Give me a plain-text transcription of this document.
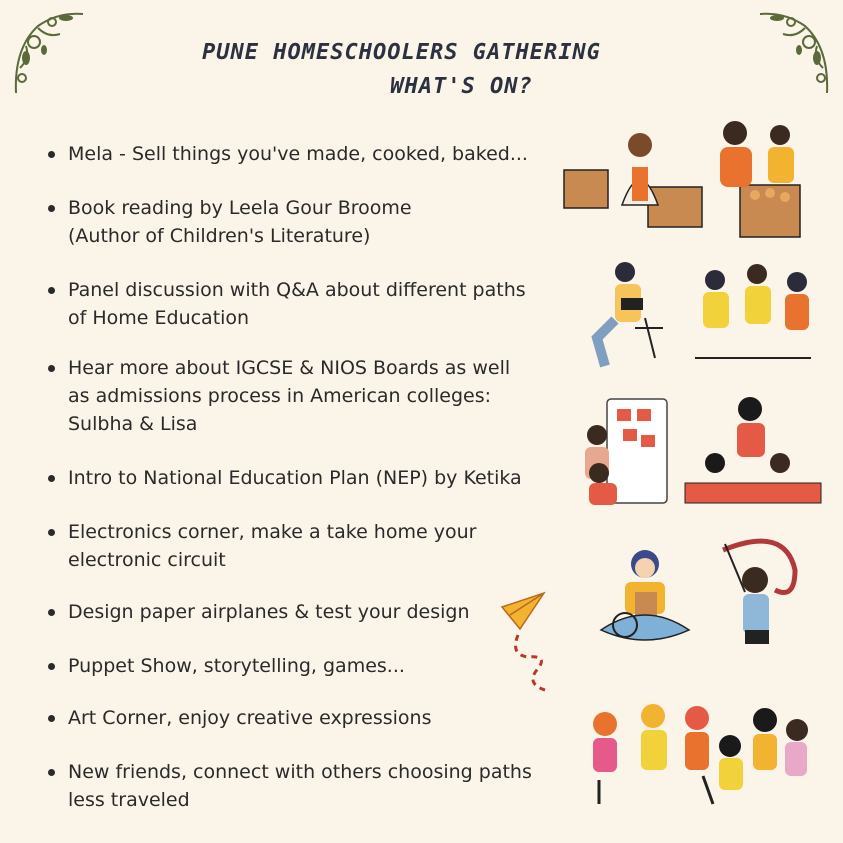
PUNE HOMESCHOOLERS GATHERING
WHAT'S ON?
Mela - Sell things you've made, cooked, baked...
Book reading by Leela Gour Broome
(Author of Children's Literature)
Panel discussion with Q&A about different paths
of Home Education
Hear more about IGCSE & NIOS Boards as well
as admissions process in American colleges:
Sulbha & Lisa
Intro to National Education Plan (NEP) by Ketika
Electronics corner, make a take home your
electronic circuit
Design paper airplanes & test your design
Puppet Show, storytelling, games...
Art Corner, enjoy creative expressions
New friends, connect with others choosing paths
less traveled
